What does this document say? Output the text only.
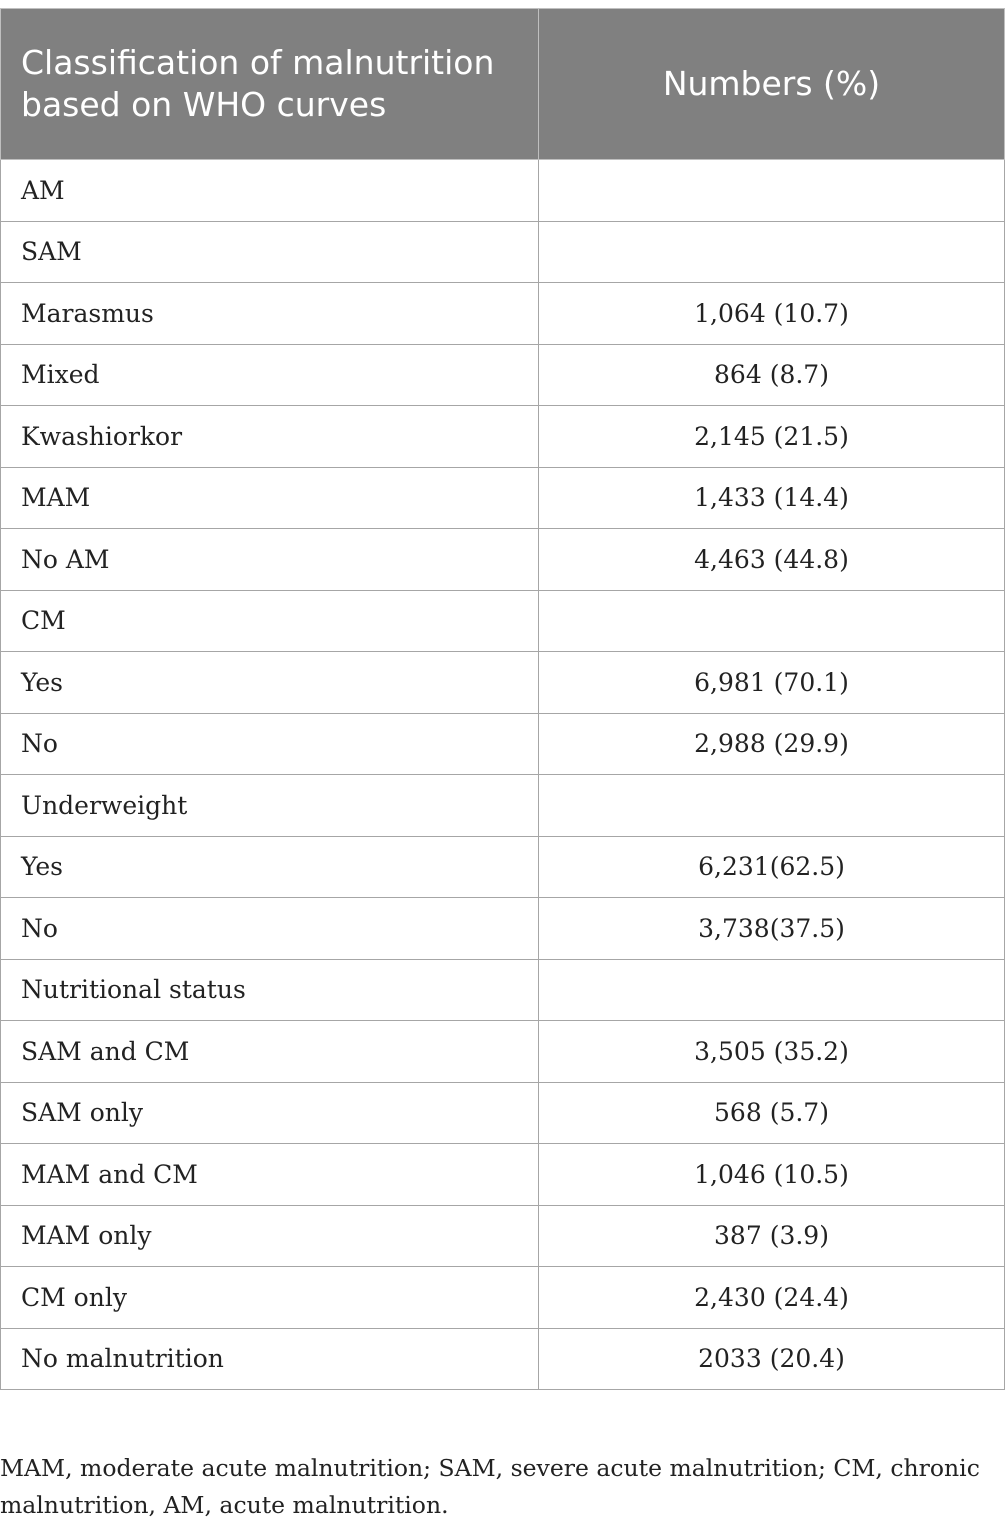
Classification of malnutrition based on WHO curves	Numbers (%)
AM	
SAM	
Marasmus	1,064 (10.7)
Mixed	864 (8.7)
Kwashiorkor	2,145 (21.5)
MAM	1,433 (14.4)
No AM	4,463 (44.8)
CM	
Yes	6,981 (70.1)
No	2,988 (29.9)
Underweight	
Yes	6,231(62.5)
No	3,738(37.5)
Nutritional status	
SAM and CM	3,505 (35.2)
SAM only	568 (5.7)
MAM and CM	1,046 (10.5)
MAM only	387 (3.9)
CM only	2,430 (24.4)
No malnutrition	2033 (20.4)
MAM, moderate acute malnutrition; SAM, severe acute malnutrition; CM, chronic malnutrition, AM, acute malnutrition.
